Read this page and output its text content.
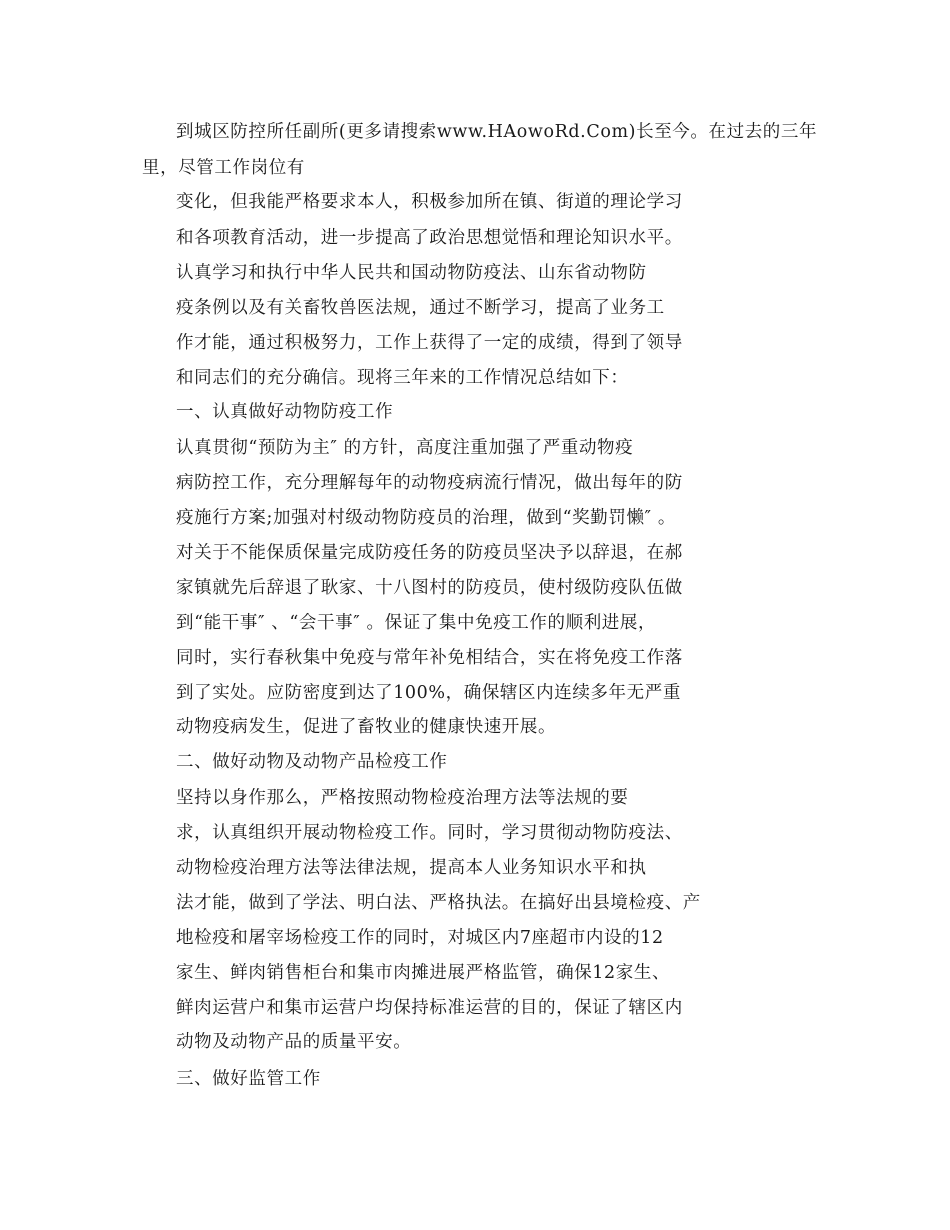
到城区防控所任副所(更多请搜索www.HAowoRd.Com)长至今。在过去的三年
里，尽管工作岗位有
变化，但我能严格要求本人，积极参加所在镇、街道的理论学习
和各项教育活动，进一步提高了政治思想觉悟和理论知识水平。
认真学习和执行中华人民共和国动物防疫法、山东省动物防
疫条例以及有关畜牧兽医法规，通过不断学习，提高了业务工
作才能，通过积极努力，工作上获得了一定的成绩，得到了领导
和同志们的充分确信。现将三年来的工作情况总结如下：
一、认真做好动物防疫工作
认真贯彻“预防为主″ 的方针，高度注重加强了严重动物疫
病防控工作，充分理解每年的动物疫病流行情况，做出每年的防
疫施行方案;加强对村级动物防疫员的治理，做到“奖勤罚懒″ 。
对关于不能保质保量完成防疫任务的防疫员坚决予以辞退，在郝
家镇就先后辞退了耿家、十八图村的防疫员，使村级防疫队伍做
到“能干事″ 、“会干事″ 。保证了集中免疫工作的顺利进展，
同时，实行春秋集中免疫与常年补免相结合，实在将免疫工作落
到了实处。应防密度到达了100%，确保辖区内连续多年无严重
动物疫病发生，促进了畜牧业的健康快速开展。
二、做好动物及动物产品检疫工作
坚持以身作那么，严格按照动物检疫治理方法等法规的要
求，认真组织开展动物检疫工作。同时，学习贯彻动物防疫法、
动物检疫治理方法等法律法规，提高本人业务知识水平和执
法才能，做到了学法、明白法、严格执法。在搞好出县境检疫、产
地检疫和屠宰场检疫工作的同时，对城区内7座超市内设的12
家生、鲜肉销售柜台和集市肉摊进展严格监管，确保12家生、
鲜肉运营户和集市运营户均保持标准运营的目的，保证了辖区内
动物及动物产品的质量平安。
三、做好监管工作
